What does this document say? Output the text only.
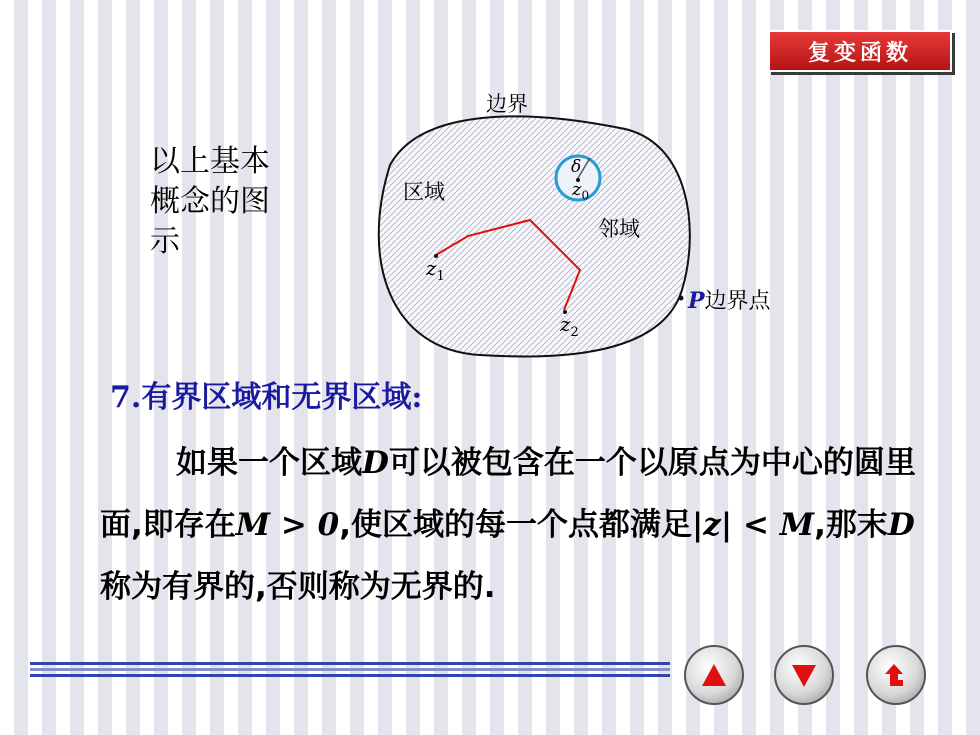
复变函数
以上基本概念的图示
边界
区域
邻域
δ
$z_0$
$z_1$
$z_2$
P边界点
7.有界区域和无界区域:
如果一个区域D可以被包含在一个以原点为中心的圆里面,即存在M > 0,使区域的每一个点都满足|z| < M,那末D称为有界的,否则称为无界的.
